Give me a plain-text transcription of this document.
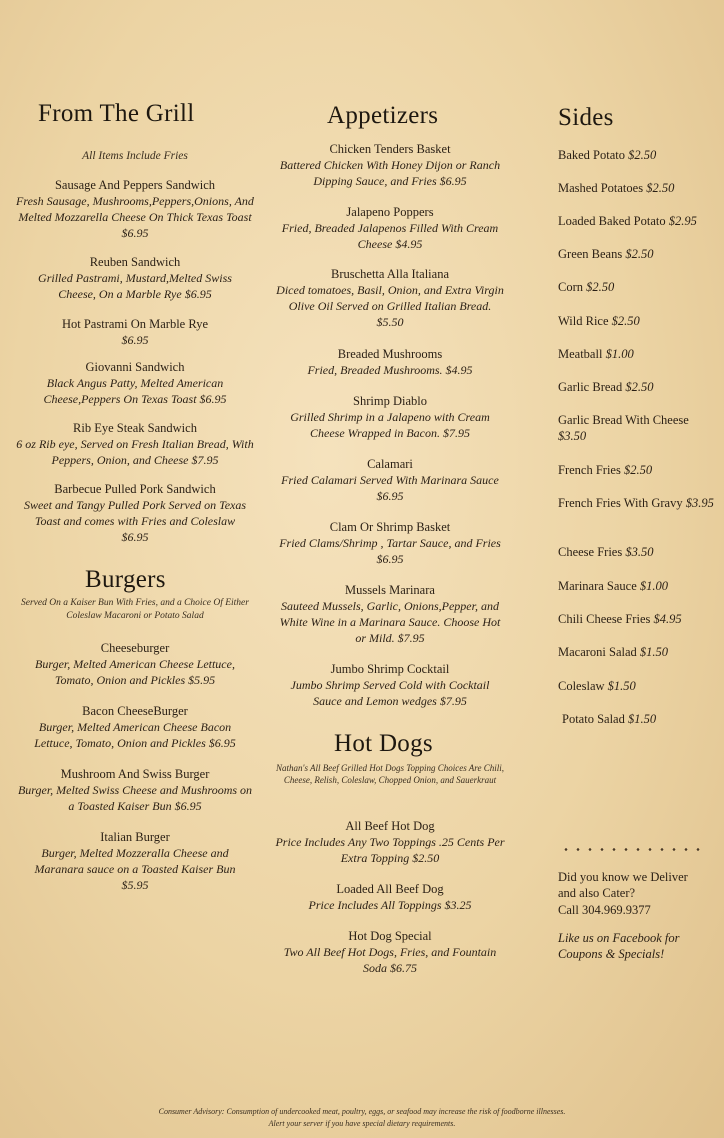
From The Grill
All Items Include Fries
Sausage And Peppers Sandwich
Fresh Sausage, Mushrooms,Peppers,Onions, And Melted Mozzarella Cheese On Thick Texas Toast $6.95
Reuben Sandwich
Grilled Pastrami, Mustard,Melted Swiss Cheese, On a Marble Rye $6.95
Hot Pastrami On Marble Rye
$6.95
Giovanni Sandwich
Black Angus Patty, Melted American Cheese,Peppers On Texas Toast $6.95
Rib Eye Steak Sandwich
6 oz Rib eye, Served on Fresh Italian Bread, With Peppers, Onion, and Cheese $7.95
Barbecue Pulled Pork Sandwich
Sweet and Tangy Pulled Pork Served on Texas Toast and comes with Fries and Coleslaw $6.95
Burgers
Served On a Kaiser Bun With Fries, and a Choice Of Either Coleslaw Macaroni or Potato Salad
Cheeseburger
Burger, Melted American Cheese Lettuce, Tomato, Onion and Pickles $5.95
Bacon CheeseBurger
Burger, Melted American Cheese Bacon Lettuce, Tomato, Onion and Pickles $6.95
Mushroom And Swiss Burger
Burger, Melted Swiss Cheese and Mushrooms on a Toasted Kaiser Bun $6.95
Italian Burger
Burger, Melted Mozzeralla Cheese and Maranara sauce on a Toasted Kaiser Bun $5.95
Appetizers
Chicken Tenders Basket
Battered Chicken With Honey Dijon or Ranch Dipping Sauce, and Fries $6.95
Jalapeno Poppers
Fried, Breaded Jalapenos Filled With Cream Cheese $4.95
Bruschetta Alla Italiana
Diced tomatoes, Basil, Onion, and Extra Virgin Olive Oil Served on Grilled Italian Bread. $5.50
Breaded Mushrooms
Fried, Breaded Mushrooms. $4.95
Shrimp Diablo
Grilled Shrimp in a Jalapeno with Cream Cheese Wrapped in Bacon. $7.95
Calamari
Fried Calamari Served With Marinara Sauce $6.95
Clam Or Shrimp Basket
Fried Clams/Shrimp , Tartar Sauce, and Fries $6.95
Mussels Marinara
Sauteed Mussels, Garlic, Onions,Pepper, and White Wine in a Marinara Sauce. Choose Hot or Mild. $7.95
Jumbo Shrimp Cocktail
Jumbo Shrimp Served Cold with Cocktail Sauce and Lemon wedges $7.95
Hot Dogs
Nathan's All Beef Grilled Hot Dogs Topping Choices Are Chili, Cheese, Relish, Coleslaw, Chopped Onion, and Sauerkraut
All Beef Hot Dog
Price Includes Any Two Toppings .25 Cents Per Extra Topping $2.50
Loaded All Beef Dog
Price Includes All Toppings $3.25
Hot Dog Special
Two All Beef Hot Dogs, Fries, and Fountain Soda $6.75
Sides
Baked Potato $2.50
Mashed Potatoes $2.50
Loaded Baked Potato $2.95
Green Beans $2.50
Corn $2.50
Wild Rice $2.50
Meatball $1.00
Garlic Bread $2.50
Garlic Bread With Cheese $3.50
French Fries $2.50
French Fries With Gravy $3.95
Cheese Fries $3.50
Marinara Sauce $1.00
Chili Cheese Fries $4.95
Macaroni Salad $1.50
Coleslaw $1.50
Potato Salad $1.50
Did you know we Deliver and also Cater?
Call 304.969.9377
Like us on Facebook for Coupons & Specials!
Consumer Advisory: Consumption of undercooked meat, poultry, eggs, or seafood may increase the risk of foodborne illnesses.
Alert your server if you have special dietary requirements.
